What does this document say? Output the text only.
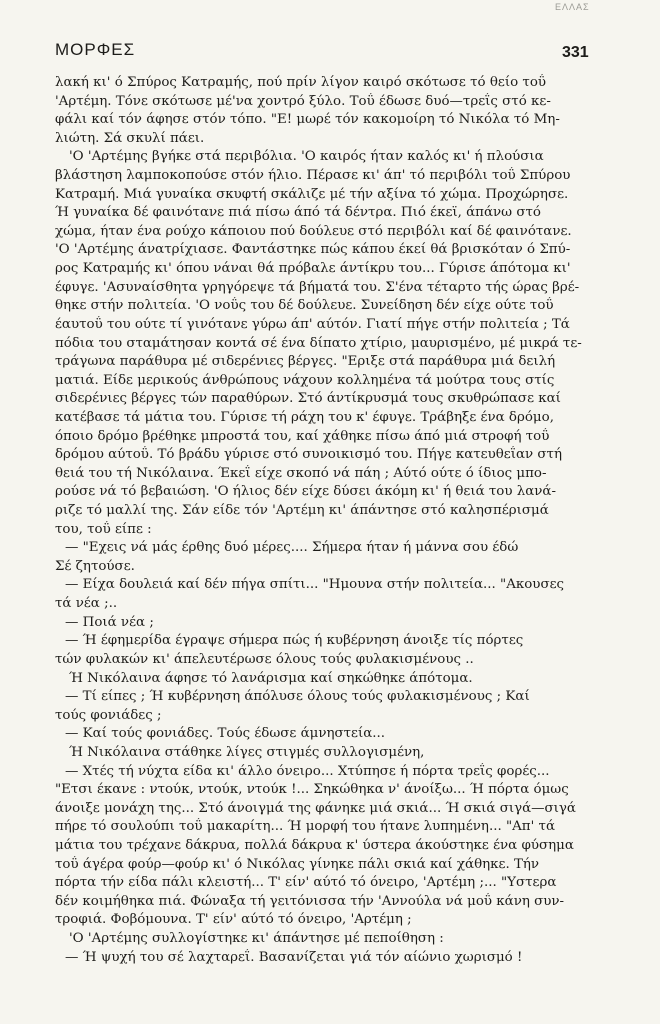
ΕΛΛΑΣ
ΜΟΡΦΕΣ	331

λακή κι' ό Σπύρος Κατραμής, πού πρίν λίγον καιρό σκότωσε τό θείο τοΰ

'Αρτέμη. Τόνε σκότωσε μέ'να χοντρό ξύλο. Τοΰ έδωσε δυό—τρεΐς στό κε-

φάλι καί τόν άφησε στόν τόπο. "Ε! μωρέ τόν κακομοίρη τό Νικόλα τό Μη-

λιώτη. Σά σκυλί πάει.

'Ο 'Αρτέμης βγήκε στά περιβόλια. 'Ο καιρός ήταν καλός κι' ή πλούσια

βλάστηση λαμποκοπούσε στόν ήλιο. Πέρασε κι' άπ' τό περιβόλι τοΰ Σπύρου

Κατραμή. Μιά γυναίκα σκυφτή σκάλιζε μέ τήν αξίνα τό χώμα. Προχώρησε.

Ή γυναίκα δέ φαινότανε πιά πίσω άπό τά δέντρα. Πιό έκεϊ, άπάνω στό

χώμα, ήταν ένα ρούχο κάποιου πού δούλευε στό περιβόλι καί δέ φαινότανε.

'Ο 'Αρτέμης άνατρίχιασε. Φαντάστηκε πώς κάπου έκεί θά βρισκόταν ό Σπύ-

ρος Κατραμής κι' όπου νάναι θά πρόβαλε άντίκρυ του... Γύρισε άπότομα κι'

έφυγε. 'Ασυναίσθητα γρηγόρεψε τά βήματά του. Σ'ένα τέταρτο τής ώρας βρέ-

θηκε στήν πολιτεία. 'Ο νοΰς του δέ δούλευε. Συνείδηση δέν είχε ούτε τοΰ

έαυτοΰ του ούτε τί γινότανε γύρω άπ' αύτόν. Γιατί πήγε στήν πολιτεία ; Τά

πόδια του σταμάτησαν κοντά σέ ένα δίπατο χτίριο, μαυρισμένο, μέ μικρά τε-

τράγωνα παράθυρα μέ σιδερένιες βέργες. "Εριξε στά παράθυρα μιά δειλή

ματιά. Είδε μερικούς άνθρώπους νάχουν κολλημένα τά μούτρα τους στίς

σιδερένιες βέργες τών παραθύρων. Στό άντίκρυσμά τους σκυθρώπασε καί

κατέβασε τά μάτια του. Γύρισε τή ράχη του κ' έφυγε. Τράβηξε ένα δρόμο,

όποιο δρόμο βρέθηκε μπροστά του, καί χάθηκε πίσω άπό μιά στροφή τοΰ

δρόμου αύτοΰ. Τό βράδυ γύρισε στό συνοικισμό του. Πήγε κατευθεΐαν στή

θειά του τή Νικόλαινα. Έκεΐ είχε σκοπό νά πάη ; Αύτό ούτε ό ίδιος μπο-

ρούσε νά τό βεβαιώση. 'Ο ήλιος δέν είχε δύσει άκόμη κι' ή θειά του λανά-

ριζε τό μαλλί της. Σάν είδε τόν 'Αρτέμη κι' άπάντησε στό καλησπέρισμά

του, τοΰ είπε :

— "Εχεις νά μάς έρθης δυό μέρες.... Σήμερα ήταν ή μάννα σου έδώ

Σέ ζητούσε.

— Είχα δουλειά καί δέν πήγα σπίτι... "Ημουνα στήν πολιτεία... "Ακουσες

τά νέα ;..

— Ποιά νέα ;

— Ή έφημερίδα έγραψε σήμερα πώς ή κυβέρνηση άνοιξε τίς πόρτες

τών φυλακών κι' άπελευτέρωσε όλους τούς φυλακισμένους ..

Ή Νικόλαινα άφησε τό λανάρισμα καί σηκώθηκε άπότομα.

— Τί είπες ; Ή κυβέρνηση άπόλυσε όλους τούς φυλακισμένους ; Καί

τούς φονιάδες ;

— Καί τούς φονιάδες. Τούς έδωσε άμνηστεία...

Ή Νικόλαινα στάθηκε λίγες στιγμές συλλογισμένη,

— Χτές τή νύχτα είδα κι' άλλο όνειρο... Χτύπησε ή πόρτα τρεΐς φορές...

"Ετσι έκανε : ντούκ, ντούκ, ντούκ !... Σηκώθηκα ν' άνοίξω... Ή πόρτα όμως

άνοιξε μονάχη της... Στό άνοιγμά της φάνηκε μιά σκιά... Ή σκιά σιγά—σιγά

πήρε τό σουλούπι τοΰ μακαρίτη... Ή μορφή του ήτανε λυπημένη... "Απ' τά

μάτια του τρέχανε δάκρυα, πολλά δάκρυα κ' ύστερα άκούστηκε ένα φύσημα

τοΰ άγέρα φούρ—φούρ κι' ό Νικόλας γίνηκε πάλι σκιά καί χάθηκε. Τήν

πόρτα τήν είδα πάλι κλειστή... Τ' είν' αύτό τό όνειρο, 'Αρτέμη ;... "Υστερα

δέν κοιμήθηκα πιά. Φώναξα τή γειτόνισσα τήν 'Αννούλα νά μοΰ κάνη συν-

τροφιά. Φοβόμουνα. Τ' είν' αύτό τό όνειρο, 'Αρτέμη ;

'Ο 'Αρτέμης συλλογίστηκε κι' άπάντησε μέ πεποίθηση :

— Ή ψυχή του σέ λαχταρεΐ. Βασανίζεται γιά τόν αίώνιο χωρισμό !
